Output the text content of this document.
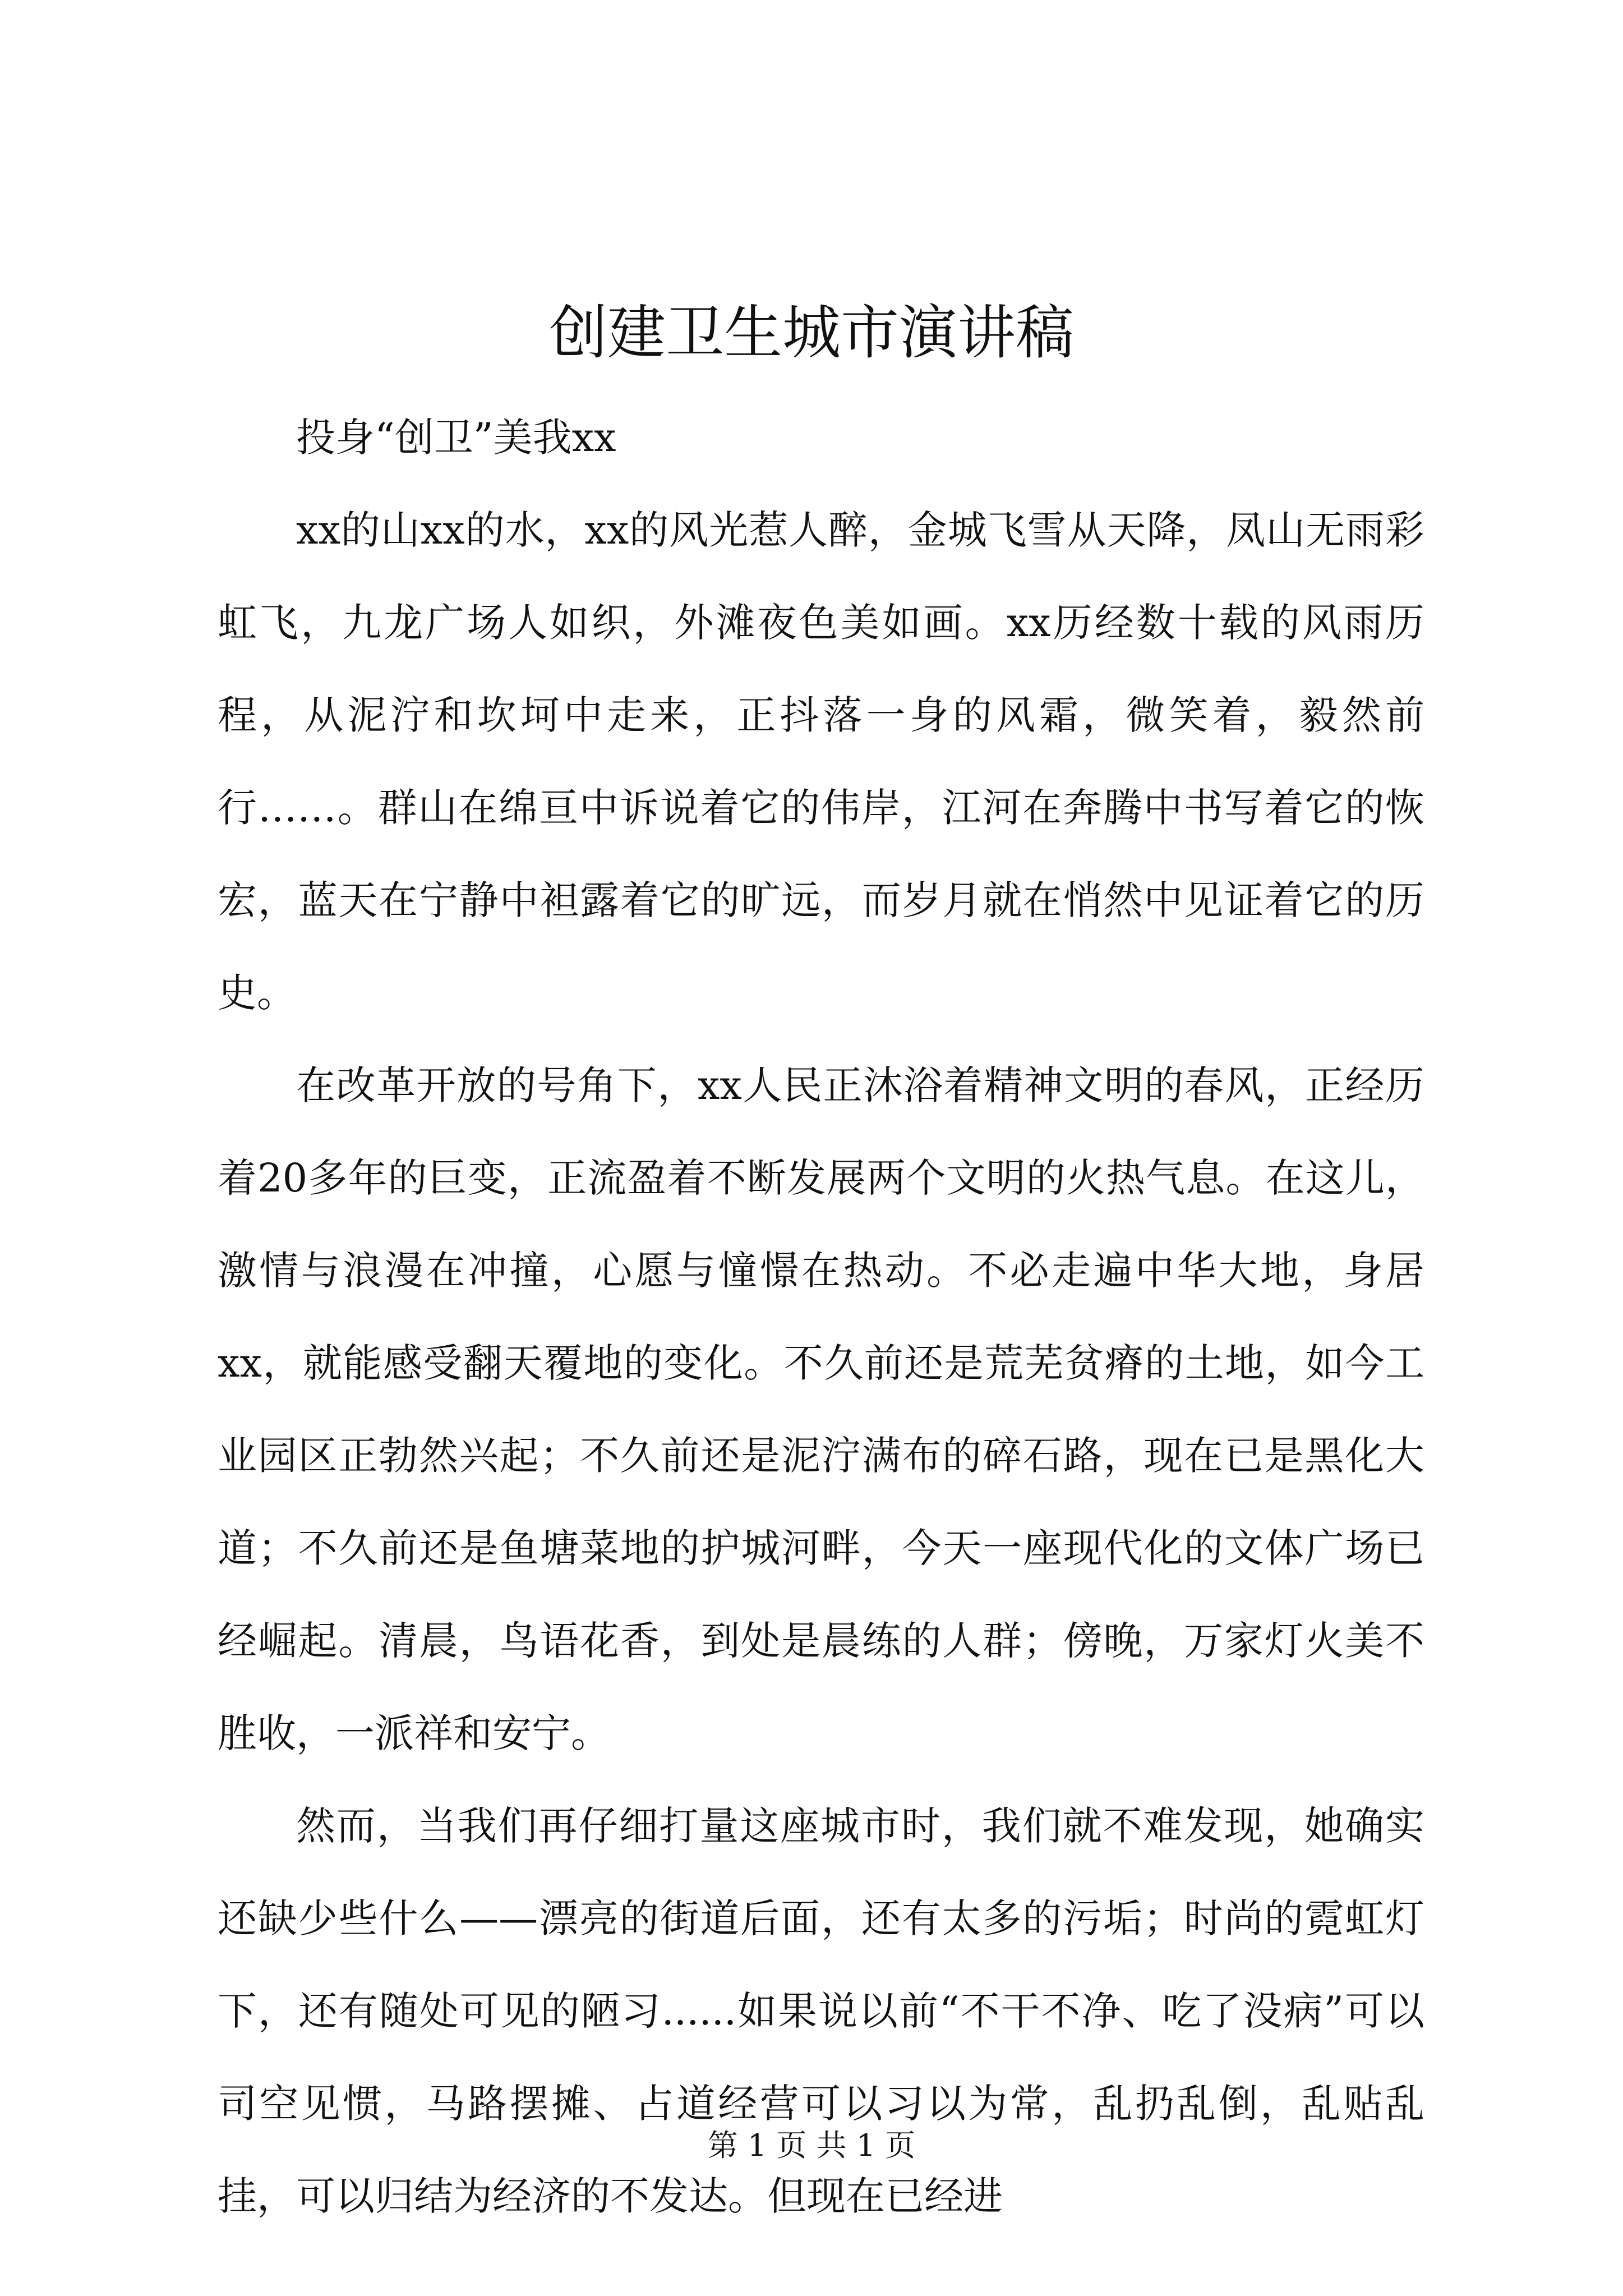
创建卫生城市演讲稿

投身“创卫”美我xx

xx的山xx的水，xx的风光惹人醉，金城飞雪从天降，凤山无雨彩虹飞，九龙广场人如织，外滩夜色美如画。xx历经数十载的风雨历程，从泥泞和坎坷中走来，正抖落一身的风霜，微笑着，毅然前行……。群山在绵亘中诉说着它的伟岸，江河在奔腾中书写着它的恢宏，蓝天在宁静中袒露着它的旷远，而岁月就在悄然中见证着它的历史。

在改革开放的号角下，xx人民正沐浴着精神文明的春风，正经历着20多年的巨变，正流盈着不断发展两个文明的火热气息。在这儿，激情与浪漫在冲撞，心愿与憧憬在热动。不必走遍中华大地，身居xx，就能感受翻天覆地的变化。不久前还是荒芜贫瘠的土地，如今工业园区正勃然兴起；不久前还是泥泞满布的碎石路，现在已是黑化大道；不久前还是鱼塘菜地的护城河畔，今天一座现代化的文体广场已经崛起。清晨，鸟语花香，到处是晨练的人群；傍晚，万家灯火美不胜收，一派祥和安宁。

然而，当我们再仔细打量这座城市时，我们就不难发现，她确实还缺少些什么——漂亮的街道后面，还有太多的污垢；时尚的霓虹灯下，还有随处可见的陋习......如果说以前“不干不净、吃了没病”可以司空见惯，马路摆摊、占道经营可以习以为常，乱扔乱倒，乱贴乱挂，可以归结为经济的不发达。但现在已经进

第 1 页 共 1 页
